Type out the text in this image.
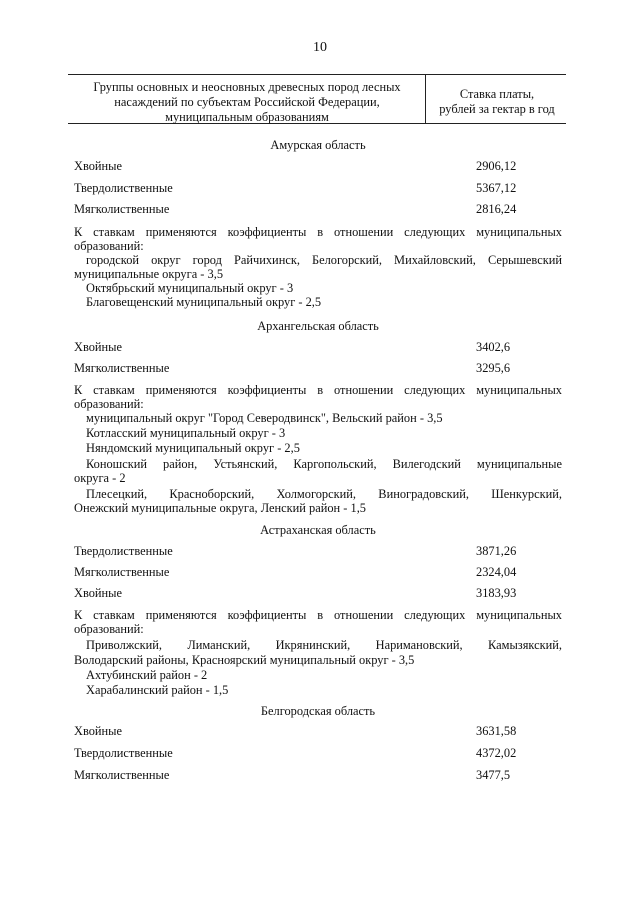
10
Группы основных и неосновных древесных пород лесных
насаждений по субъектам Российской Федерации,
муниципальным образованиям
Ставка платы,
рублей за гектар в год
Амурская область
Хвойные	2906,12
Твердолиственные	5367,12
Мягколиственные	2816,24
К ставкам применяются коэффициенты в отношении следующих муниципальных
образований:
городской округ город Райчихинск, Белогорский, Михайловский, Серышевский
муниципальные округа - 3,5
Октябрьский муниципальный округ - 3
Благовещенский муниципальный округ - 2,5
Архангельская область
Хвойные	3402,6
Мягколиственные	3295,6
К ставкам применяются коэффициенты в отношении следующих муниципальных
образований:
муниципальный округ "Город Северодвинск", Вельский район - 3,5
Котласский муниципальный округ - 3
Няндомский муниципальный округ - 2,5
Коношский район, Устьянский, Каргопольский, Вилегодский муниципальные
округа - 2
Плесецкий, Красноборский, Холмогорский, Виноградовский, Шенкурский,
Онежский муниципальные округа, Ленский район - 1,5
Астраханская область
Твердолиственные	3871,26
Мягколиственные	2324,04
Хвойные	3183,93
К ставкам применяются коэффициенты в отношении следующих муниципальных
образований:
Приволжский, Лиманский, Икрянинский, Наримановский, Камызякский,
Володарский районы, Красноярский муниципальный округ - 3,5
Ахтубинский район - 2
Харабалинский район - 1,5
Белгородская область
Хвойные	3631,58
Твердолиственные	4372,02
Мягколиственные	3477,5
